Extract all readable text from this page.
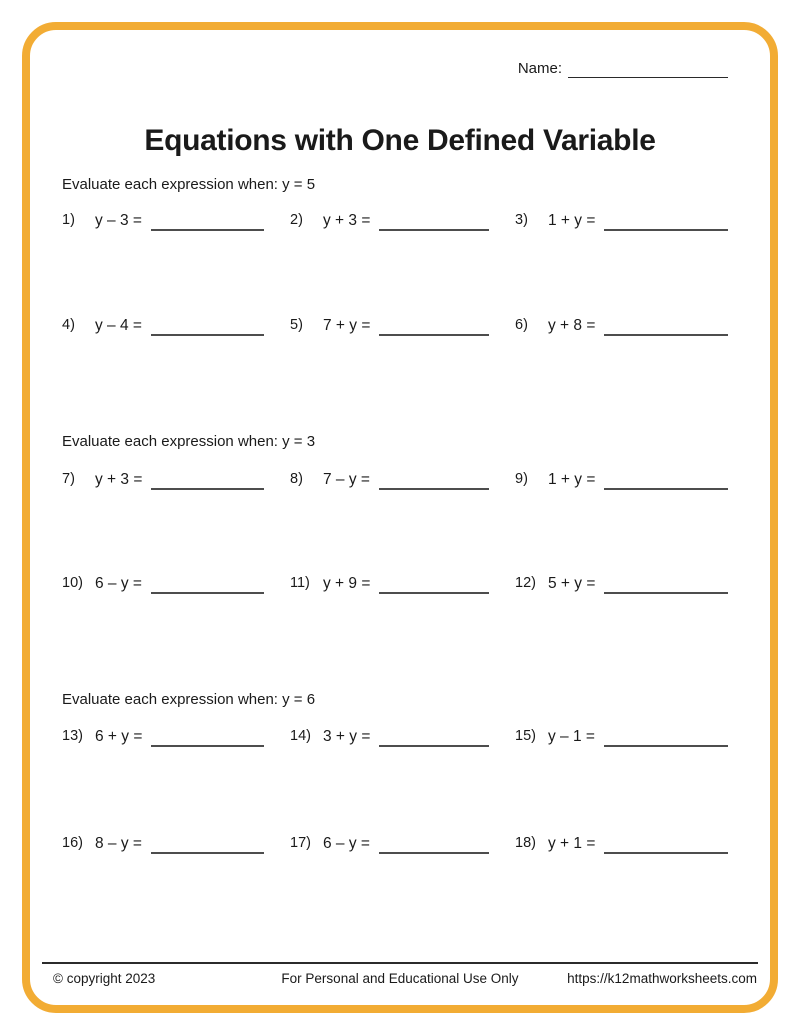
Name:
Equations with One Defined Variable
Evaluate each expression when: y = 5
1)	y – 3 =	2)	y + 3 =	3)	1 + y =
4)	y – 4 =	5)	7 + y =	6)	y + 8 =
Evaluate each expression when: y = 3
7)	y + 3 =	8)	7 – y =	9)	1 + y =
10) 6 – y =	11) y + 9 =	12) 5 + y =
Evaluate each expression when: y = 6
13) 6 + y =	14) 3 + y =	15) y – 1 =
16) 8 – y =	17) 6 – y =	18) y + 1 =
© copyright 2023	For Personal and Educational Use Only	https://k12mathworksheets.com
